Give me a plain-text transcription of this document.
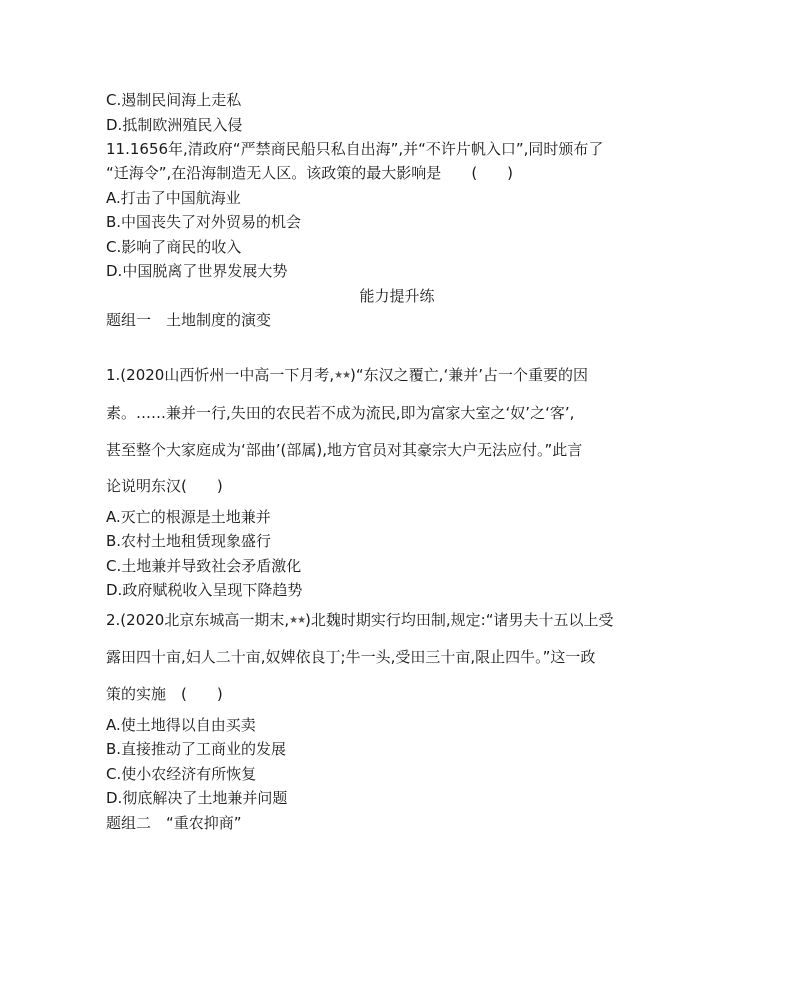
C.遏制民间海上走私
D.抵制欧洲殖民入侵
11.1656年,清政府“严禁商民船只私自出海”,并“不许片帆入口”,同时颁布了
“迁海令”,在沿海制造无人区。该政策的最大影响是　　(　　)
A.打击了中国航海业
B.中国丧失了对外贸易的机会
C.影响了商民的收入
D.中国脱离了世界发展大势
能力提升练
题组一　土地制度的演变
1.(2020山西忻州一中高一下月考,★★)“东汉之覆亡,‘兼并’占一个重要的因
素。……兼并一行,失田的农民若不成为流民,即为富家大室之‘奴’之‘客’,
甚至整个大家庭成为‘部曲’(部属),地方官员对其豪宗大户无法应付。”此言
论说明东汉(　　)
A.灭亡的根源是土地兼并
B.农村土地租赁现象盛行
C.土地兼并导致社会矛盾激化
D.政府赋税收入呈现下降趋势
2.(2020北京东城高一期末,★★)北魏时期实行均田制,规定:“诸男夫十五以上受
露田四十亩,妇人二十亩,奴婢依良丁;牛一头,受田三十亩,限止四牛。”这一政
策的实施　(　　)
A.使土地得以自由买卖
B.直接推动了工商业的发展
C.使小农经济有所恢复
D.彻底解决了土地兼并问题
题组二　“重农抑商”
